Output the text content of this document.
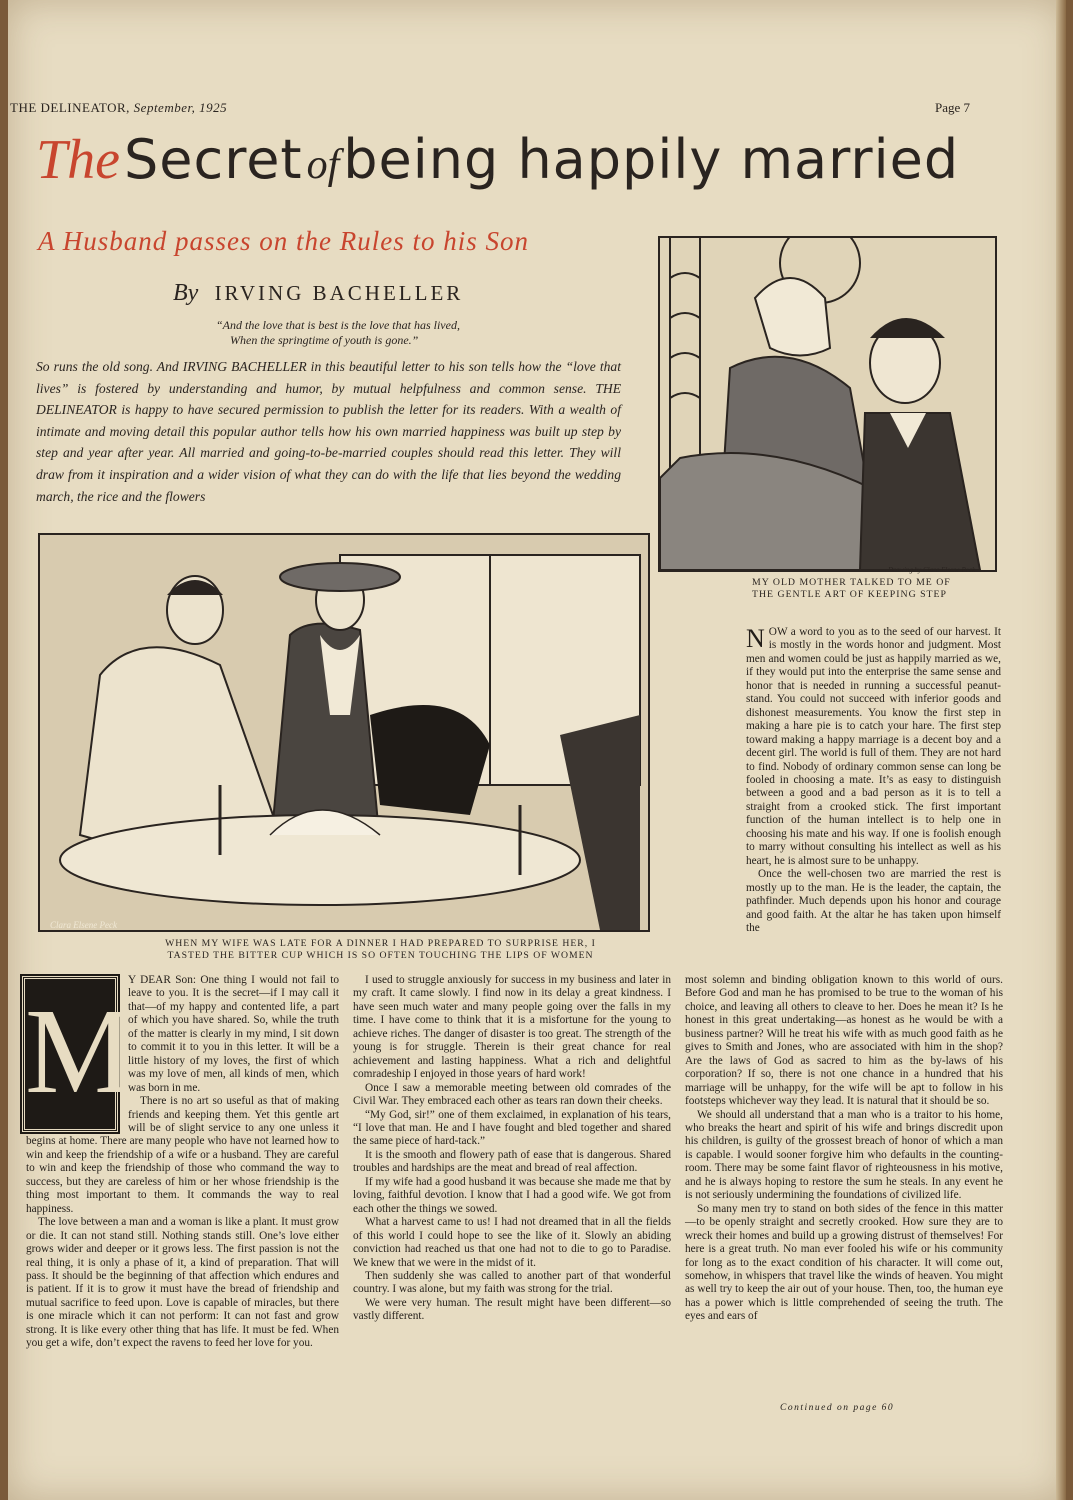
THE DELINEATOR, September, 1925	Page 7
The Secret of being happily married
A Husband passes on the Rules to his Son
By IRVING BACHELLER
“And the love that is best is the love that has lived,
When the springtime of youth is gone.”
So runs the old song. And IRVING BACHELLER in this beautiful letter to his son tells how the “love that lives” is fostered by understanding and humor, by mutual helpfulness and common sense. THE DELINEATOR is happy to have secured permission to publish the letter for its readers. With a wealth of intimate and moving detail this popular author tells how his own married happiness was built up step by step and year after year. All married and going-to-be-married couples should read this letter. They will draw from it inspiration and a wider vision of what they can do with the life that lies beyond the wedding march, the rice and the flowers
Drawing by Clara Elsene Peck
MY OLD MOTHER TALKED TO ME OF
THE GENTLE ART OF KEEPING STEP
Clara Elsene Peck
WHEN MY WIFE WAS LATE FOR A DINNER I HAD PREPARED TO SURPRISE HER, I
TASTED THE BITTER CUP WHICH IS SO OFTEN TOUCHING THE LIPS OF WOMEN

NOW a word to you as to the seed of our harvest. It is mostly in the words honor and judgment. Most men and women could be just as happily married as we, if they would put into the enterprise the same sense and honor that is needed in running a successful peanut-stand. You could not succeed with inferior goods and dishonest measurements. You know the first step in making a hare pie is to catch your hare. The first step toward making a happy marriage is a decent boy and a decent girl. The world is full of them. They are not hard to find. Nobody of ordinary common sense can long be fooled in choosing a mate. It’s as easy to distinguish between a good and a bad person as it is to tell a straight from a crooked stick. The first important function of the human intellect is to help one in choosing his mate and his way. If one is foolish enough to marry without consulting his intellect as well as his heart, he is almost sure to be unhappy.

Once the well-chosen two are married the rest is mostly up to the man. He is the leader, the captain, the pathfinder. Much depends upon his honor and courage and good faith. At the altar he has taken upon himself the

M
Y DEAR Son: One thing I would not fail to leave to you. It is the secret—if I may call it that—of my happy and contented life, a part of which you have shared. So, while the truth of the matter is clearly in my mind, I sit down to commit it to you in this letter. It will be a little history of my loves, the first of which was my love of men, all kinds of men, which was born in me.

There is no art so useful as that of making friends and keeping them. Yet this gentle art will be of slight service to any one unless it begins at home. There are many people who have not learned how to win and keep the friendship of a wife or a husband. They are careful to win and keep the friendship of those who command the way to success, but they are careless of him or her whose friendship is the thing most important to them. It commands the way to real happiness.

The love between a man and a woman is like a plant. It must grow or die. It can not stand still. Nothing stands still. One’s love either grows wider and deeper or it grows less. The first passion is not the real thing, it is only a phase of it, a kind of preparation. That will pass. It should be the beginning of that affection which endures and is patient. If it is to grow it must have the bread of friendship and mutual sacrifice to feed upon. Love is capable of miracles, but there is one miracle which it can not perform: It can not fast and grow strong. It is like every other thing that has life. It must be fed. When you get a wife, don’t expect the ravens to feed her love for you.

I used to struggle anxiously for success in my business and later in my craft. It came slowly. I find now in its delay a great kindness. I have seen much water and many people going over the falls in my time. I have come to think that it is a misfortune for the young to achieve riches. The danger of disaster is too great. The strength of the young is for struggle. Therein is their great chance for real achievement and lasting happiness. What a rich and delightful comradeship I enjoyed in those years of hard work!

Once I saw a memorable meeting between old comrades of the Civil War. They embraced each other as tears ran down their cheeks.

“My God, sir!” one of them exclaimed, in explanation of his tears, “I love that man. He and I have fought and bled together and shared the same piece of hard-tack.”

It is the smooth and flowery path of ease that is dangerous. Shared troubles and hardships are the meat and bread of real affection.

If my wife had a good husband it was because she made me that by loving, faithful devotion. I know that I had a good wife. We got from each other the things we sowed.

What a harvest came to us! I had not dreamed that in all the fields of this world I could hope to see the like of it. Slowly an abiding conviction had reached us that one had not to die to go to Paradise. We knew that we were in the midst of it.

Then suddenly she was called to another part of that wonderful country. I was alone, but my faith was strong for the trial.

We were very human. The result might have been different—so vastly different.

most solemn and binding obligation known to this world of ours. Before God and man he has promised to be true to the woman of his choice, and leaving all others to cleave to her. Does he mean it? Is he honest in this great undertaking—as honest as he would be with a business partner? Will he treat his wife with as much good faith as he gives to Smith and Jones, who are associated with him in the shop? Are the laws of God as sacred to him as the by-laws of his corporation? If so, there is not one chance in a hundred that his marriage will be unhappy, for the wife will be apt to follow in his footsteps whichever way they lead. It is natural that it should be so.

We should all understand that a man who is a traitor to his home, who breaks the heart and spirit of his wife and brings discredit upon his children, is guilty of the grossest breach of honor of which a man is capable. I would sooner forgive him who defaults in the counting-room. There may be some faint flavor of righteousness in his motive, and he is always hoping to restore the sum he steals. In any event he is not seriously undermining the foundations of civilized life.

So many men try to stand on both sides of the fence in this matter—to be openly straight and secretly crooked. How sure they are to wreck their homes and build up a growing distrust of themselves! For here is a great truth. No man ever fooled his wife or his community for long as to the exact condition of his character. It will come out, somehow, in whispers that travel like the winds of heaven. You might as well try to keep the air out of your house. Then, too, the human eye has a power which is little comprehended of seeing the truth. The eyes and ears of

Continued on page 60
